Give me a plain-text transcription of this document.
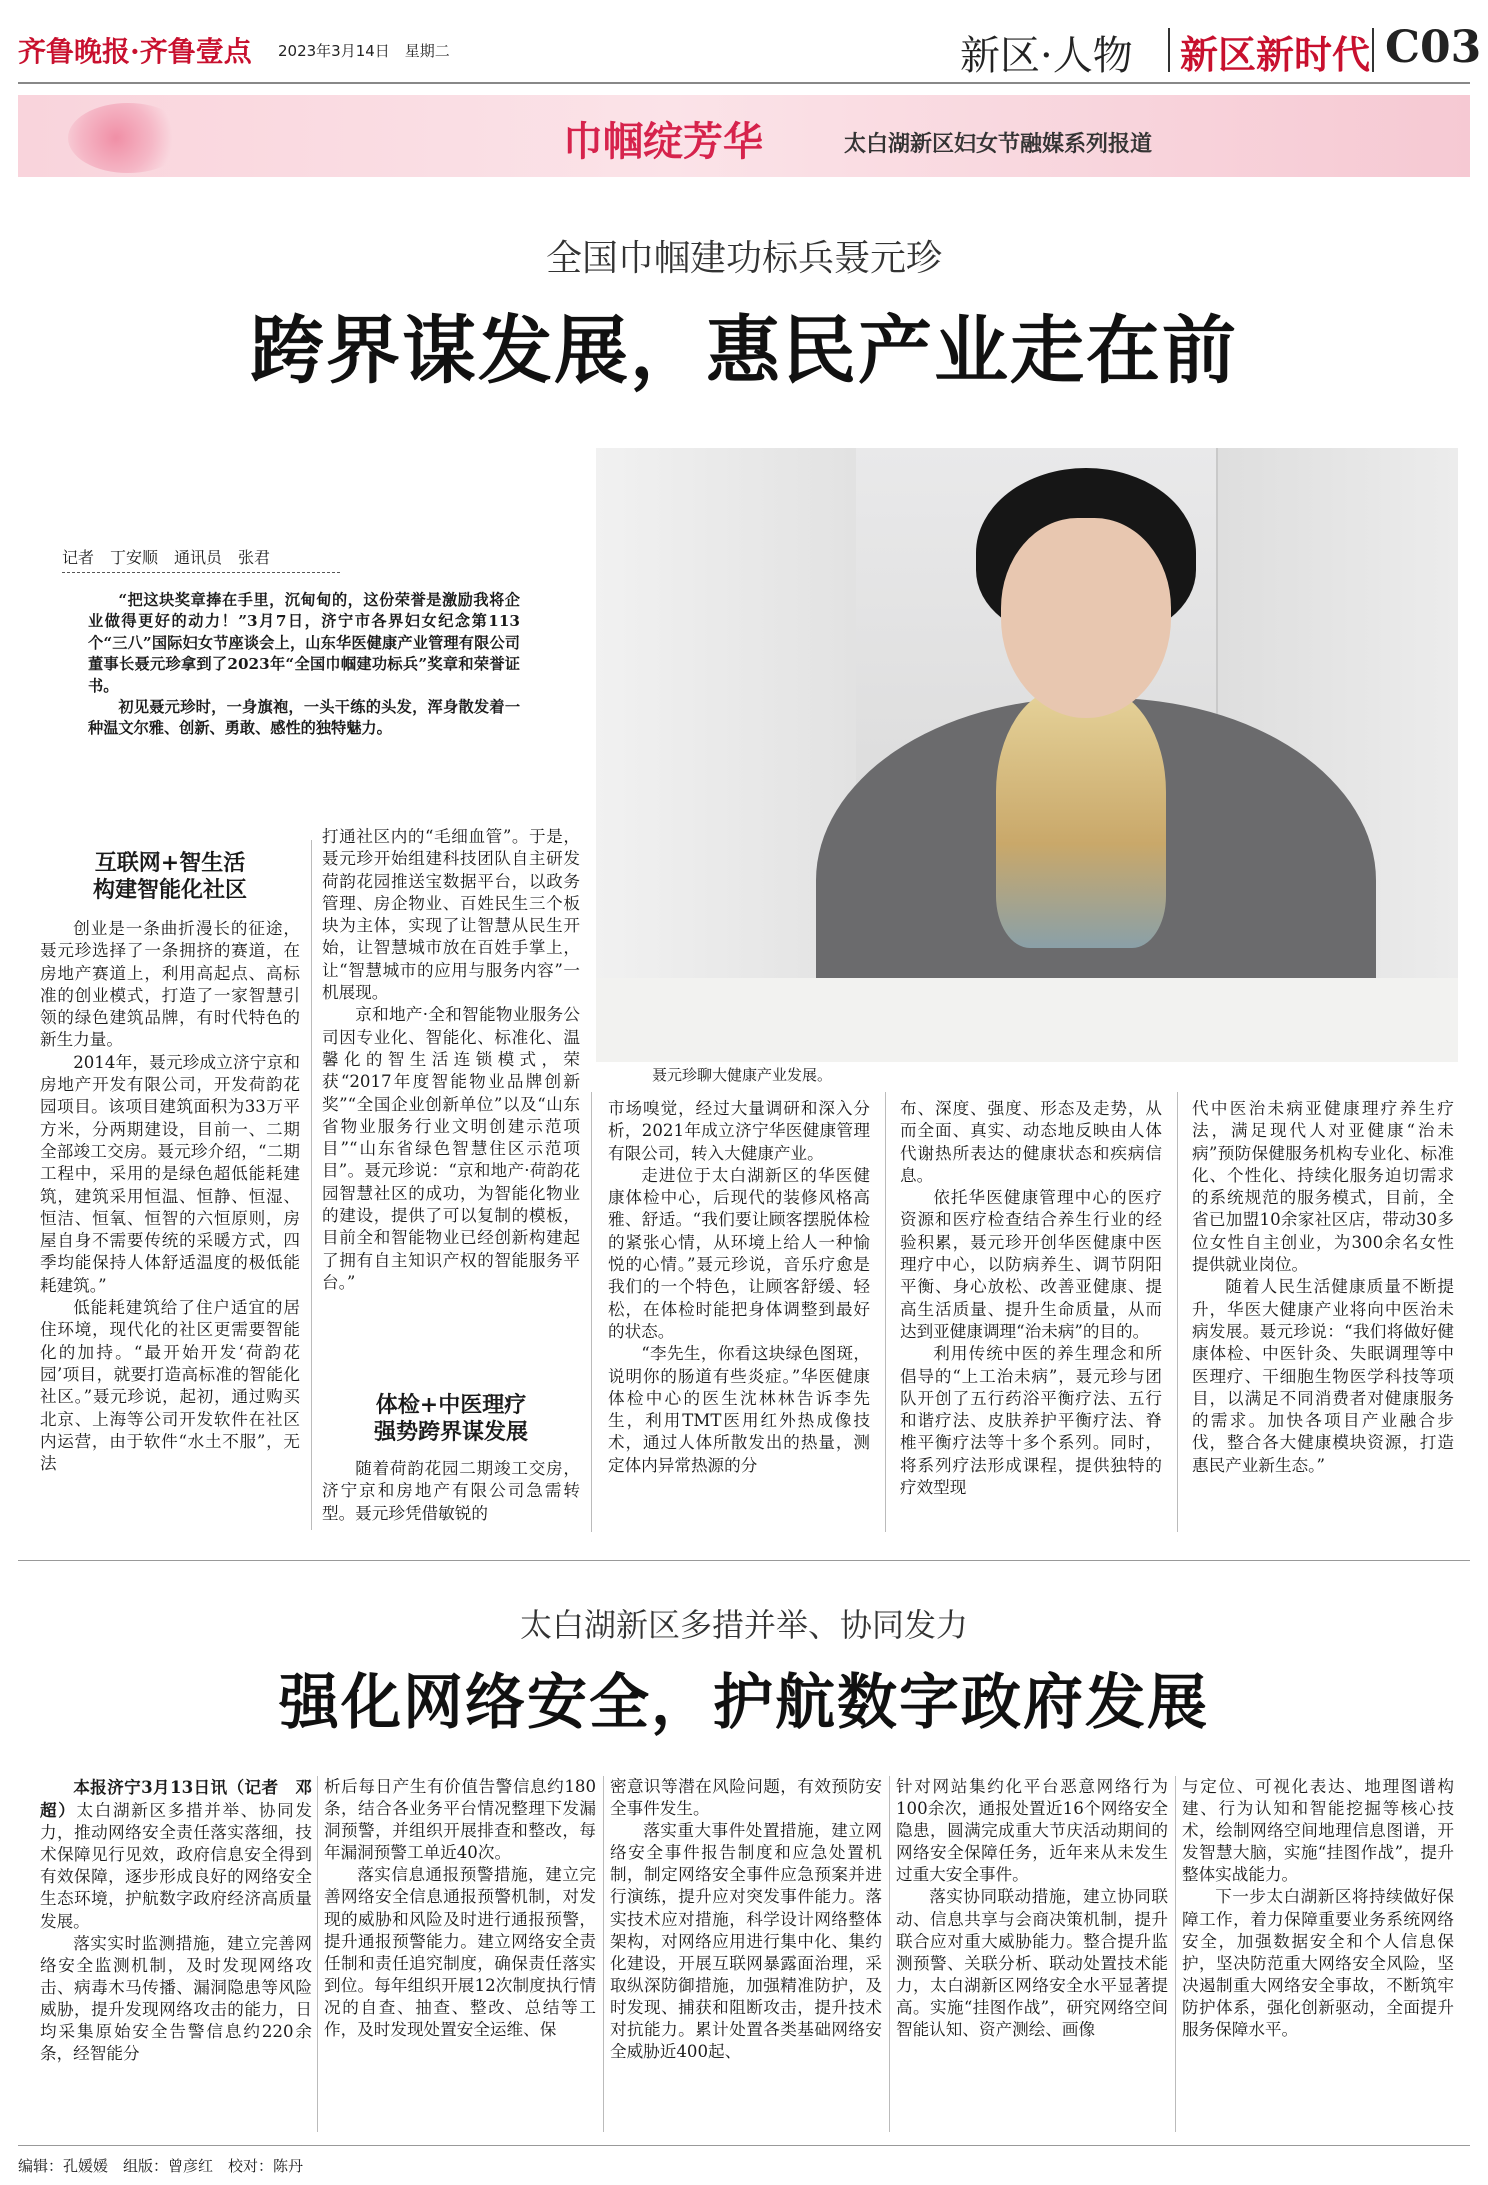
齐鲁晚报·齐鲁壹点 2023年3月14日　星期二	新区·人物 新区新时代 C03
巾帼绽芳华	太白湖新区妇女节融媒系列报道
全国巾帼建功标兵聂元珍
跨界谋发展，惠民产业走在前
聂元珍聊大健康产业发展。
记者　丁安顺　通讯员　张君

“把这块奖章捧在手里，沉甸甸的，这份荣誉是激励我将企业做得更好的动力！”3月7日，济宁市各界妇女纪念第113个“三八”国际妇女节座谈会上，山东华医健康产业管理有限公司董事长聂元珍拿到了2023年“全国巾帼建功标兵”奖章和荣誉证书。

初见聂元珍时，一身旗袍，一头干练的头发，浑身散发着一种温文尔雅、创新、勇敢、感性的独特魅力。

互联网+智生活
构建智能化社区

创业是一条曲折漫长的征途，聂元珍选择了一条拥挤的赛道，在房地产赛道上，利用高起点、高标准的创业模式，打造了一家智慧引领的绿色建筑品牌，有时代特色的新生力量。

2014年，聂元珍成立济宁京和房地产开发有限公司，开发荷韵花园项目。该项目建筑面积为33万平方米，分两期建设，目前一、二期全部竣工交房。聂元珍介绍，“二期工程中，采用的是绿色超低能耗建筑，建筑采用恒温、恒静、恒湿、恒洁、恒氧、恒智的六恒原则，房屋自身不需要传统的采暖方式，四季均能保持人体舒适温度的极低能耗建筑。”

低能耗建筑给了住户适宜的居住环境，现代化的社区更需要智能化的加持。“最开始开发‘荷韵花园’项目，就要打造高标准的智能化社区。”聂元珍说，起初，通过购买北京、上海等公司开发软件在社区内运营，由于软件“水土不服”，无法

打通社区内的“毛细血管”。于是，聂元珍开始组建科技团队自主研发荷韵花园推送宝数据平台，以政务管理、房企物业、百姓民生三个板块为主体，实现了让智慧从民生开始，让智慧城市放在百姓手掌上，让“智慧城市的应用与服务内容”一机展现。

京和地产·全和智能物业服务公司因专业化、智能化、标准化、温馨化的智生活连锁模式，荣获“2017年度智能物业品牌创新奖”“全国企业创新单位”以及“山东省物业服务行业文明创建示范项目”“山东省绿色智慧住区示范项目”。聂元珍说：“京和地产·荷韵花园智慧社区的成功，为智能化物业的建设，提供了可以复制的模板，目前全和智能物业已经创新构建起了拥有自主知识产权的智能服务平台。”

体检+中医理疗
强势跨界谋发展

随着荷韵花园二期竣工交房，济宁京和房地产有限公司急需转型。聂元珍凭借敏锐的

市场嗅觉，经过大量调研和深入分析，2021年成立济宁华医健康管理有限公司，转入大健康产业。

走进位于太白湖新区的华医健康体检中心，后现代的装修风格高雅、舒适。“我们要让顾客摆脱体检的紧张心情，从环境上给人一种愉悦的心情。”聂元珍说，音乐疗愈是我们的一个特色，让顾客舒缓、轻松，在体检时能把身体调整到最好的状态。

“李先生，你看这块绿色图斑，说明你的肠道有些炎症。”华医健康体检中心的医生沈林林告诉李先生，利用TMT医用红外热成像技术，通过人体所散发出的热量，测定体内异常热源的分

布、深度、强度、形态及走势，从而全面、真实、动态地反映由人体代谢热所表达的健康状态和疾病信息。

依托华医健康管理中心的医疗资源和医疗检查结合养生行业的经验积累，聂元珍开创华医健康中医理疗中心，以防病养生、调节阴阳平衡、身心放松、改善亚健康、提高生活质量、提升生命质量，从而达到亚健康调理“治未病”的目的。

利用传统中医的养生理念和所倡导的“上工治未病”，聂元珍与团队开创了五行药浴平衡疗法、五行和谐疗法、皮肤养护平衡疗法、脊椎平衡疗法等十多个系列。同时，将系列疗法形成课程，提供独特的疗效型现

代中医治未病亚健康理疗养生疗法，满足现代人对亚健康“治未病”预防保健服务机构专业化、标准化、个性化、持续化服务迫切需求的系统规范的服务模式，目前，全省已加盟10余家社区店，带动30多位女性自主创业，为300余名女性提供就业岗位。

随着人民生活健康质量不断提升，华医大健康产业将向中医治未病发展。聂元珍说：“我们将做好健康体检、中医针灸、失眠调理等中医理疗、干细胞生物医学科技等项目，以满足不同消费者对健康服务的需求。加快各项目产业融合步伐，整合各大健康模块资源，打造惠民产业新生态。”

太白湖新区多措并举、协同发力
强化网络安全，护航数字政府发展

本报济宁3月13日讯（记者　邓超）太白湖新区多措并举、协同发力，推动网络安全责任落实落细，技术保障见行见效，政府信息安全得到有效保障，逐步形成良好的网络安全生态环境，护航数字政府经济高质量发展。

落实实时监测措施，建立完善网络安全监测机制，及时发现网络攻击、病毒木马传播、漏洞隐患等风险威胁，提升发现网络攻击的能力，日均采集原始安全告警信息约220余条，经智能分

析后每日产生有价值告警信息约180条，结合各业务平台情况整理下发漏洞预警，并组织开展排查和整改，每年漏洞预警工单近40次。

落实信息通报预警措施，建立完善网络安全信息通报预警机制，对发现的威胁和风险及时进行通报预警，提升通报预警能力。建立网络安全责任制和责任追究制度，确保责任落实到位。每年组织开展12次制度执行情况的自查、抽查、整改、总结等工作，及时发现处置安全运维、保

密意识等潜在风险问题，有效预防安全事件发生。

落实重大事件处置措施，建立网络安全事件报告制度和应急处置机制，制定网络安全事件应急预案并进行演练，提升应对突发事件能力。落实技术应对措施，科学设计网络整体架构，对网络应用进行集中化、集约化建设，开展互联网暴露面治理，采取纵深防御措施，加强精准防护，及时发现、捕获和阻断攻击，提升技术对抗能力。累计处置各类基础网络安全威胁近400起、

针对网站集约化平台恶意网络行为100余次，通报处置近16个网络安全隐患，圆满完成重大节庆活动期间的网络安全保障任务，近年来从未发生过重大安全事件。

落实协同联动措施，建立协同联动、信息共享与会商决策机制，提升联合应对重大威胁能力。整合提升监测预警、关联分析、联动处置技术能力，太白湖新区网络安全水平显著提高。实施“挂图作战”，研究网络空间智能认知、资产测绘、画像

与定位、可视化表达、地理图谱构建、行为认知和智能挖掘等核心技术，绘制网络空间地理信息图谱，开发智慧大脑，实施“挂图作战”，提升整体实战能力。

下一步太白湖新区将持续做好保障工作，着力保障重要业务系统网络安全，加强数据安全和个人信息保护，坚决防范重大网络安全风险，坚决遏制重大网络安全事故，不断筑牢防护体系，强化创新驱动，全面提升服务保障水平。

编辑：孔媛媛　组版：曾彦红　校对：陈丹
